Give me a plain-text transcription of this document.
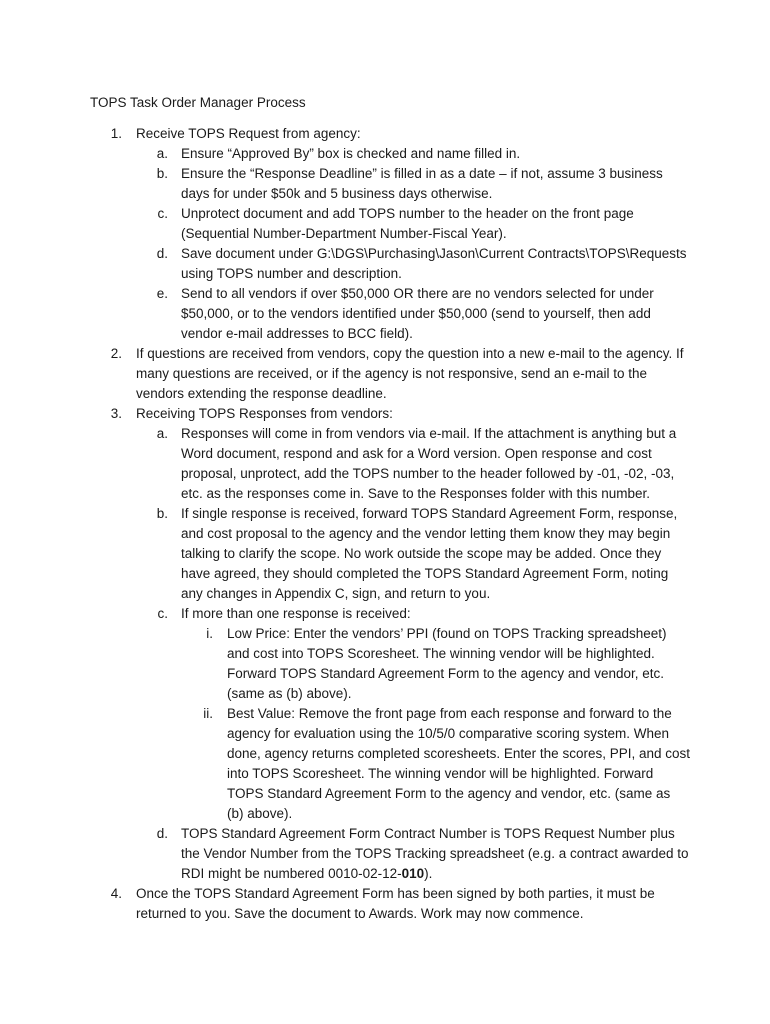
TOPS Task Order Manager Process
1. Receive TOPS Request from agency:
a. Ensure “Approved By” box is checked and name filled in.
b. Ensure the “Response Deadline” is filled in as a date – if not, assume 3 business days for under $50k and 5 business days otherwise.
c. Unprotect document and add TOPS number to the header on the front page (Sequential Number-Department Number-Fiscal Year).
d. Save document under G:\DGS\Purchasing\Jason\Current Contracts\TOPS\Requests using TOPS number and description.
e. Send to all vendors if over $50,000 OR there are no vendors selected for under $50,000, or to the vendors identified under $50,000 (send to yourself, then add vendor e-mail addresses to BCC field).
2. If questions are received from vendors, copy the question into a new e-mail to the agency. If many questions are received, or if the agency is not responsive, send an e-mail to the vendors extending the response deadline.
3. Receiving TOPS Responses from vendors:
a. Responses will come in from vendors via e-mail. If the attachment is anything but a Word document, respond and ask for a Word version. Open response and cost proposal, unprotect, add the TOPS number to the header followed by -01, -02, -03, etc. as the responses come in. Save to the Responses folder with this number.
b. If single response is received, forward TOPS Standard Agreement Form, response, and cost proposal to the agency and the vendor letting them know they may begin talking to clarify the scope. No work outside the scope may be added. Once they have agreed, they should completed the TOPS Standard Agreement Form, noting any changes in Appendix C, sign, and return to you.
c. If more than one response is received:
i. Low Price: Enter the vendors’ PPI (found on TOPS Tracking spreadsheet) and cost into TOPS Scoresheet. The winning vendor will be highlighted. Forward TOPS Standard Agreement Form to the agency and vendor, etc. (same as (b) above).
ii. Best Value: Remove the front page from each response and forward to the agency for evaluation using the 10/5/0 comparative scoring system. When done, agency returns completed scoresheets. Enter the scores, PPI, and cost into TOPS Scoresheet. The winning vendor will be highlighted. Forward TOPS Standard Agreement Form to the agency and vendor, etc. (same as (b) above).
d. TOPS Standard Agreement Form Contract Number is TOPS Request Number plus the Vendor Number from the TOPS Tracking spreadsheet (e.g. a contract awarded to RDI might be numbered 0010-02-12-010).
4. Once the TOPS Standard Agreement Form has been signed by both parties, it must be returned to you. Save the document to Awards. Work may now commence.
